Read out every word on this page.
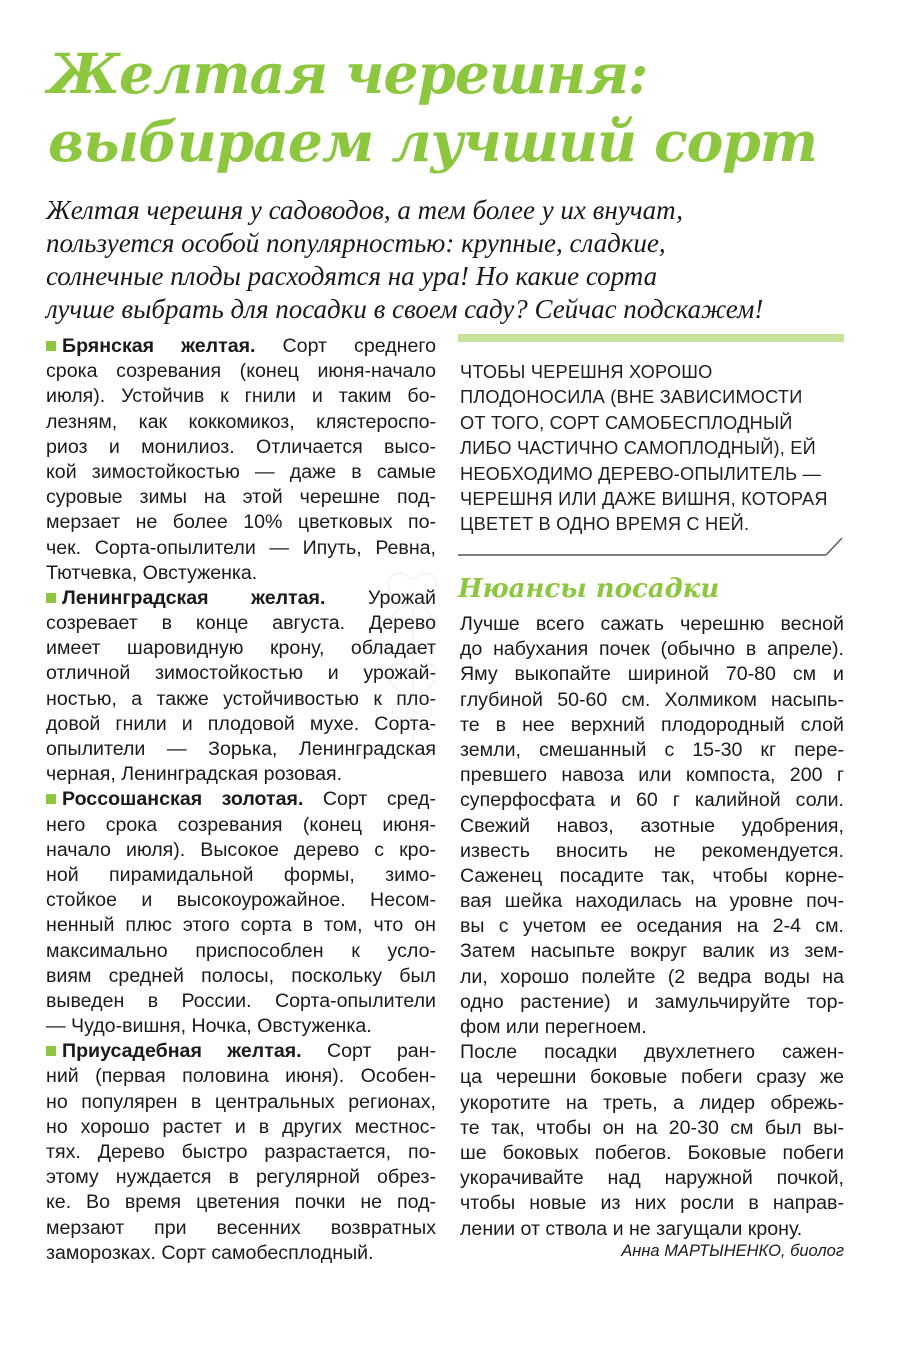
Желтая черешня:
выбираем лучший сорт

Желтая черешня у садоводов, а тем более у их внучат,
пользуется особой популярностью: крупные, сладкие,
солнечные плоды расходятся на ура! Но какие сорта
лучше выбрать для посадки в своем саду? Сейчас подскажем!

Брянская желтая. Сорт среднего
срока созревания (конец июня-начало
июля). Устойчив к гнили и таким бо-
лезням, как коккомикоз, клястероспо-
риоз и монилиоз. Отличается высо-
кой зимостойкостью — даже в самые
суровые зимы на этой черешне под-
мерзает не более 10% цветковых по-
чек. Сорта-опылители — Ипуть, Ревна,
Тютчевка, Овстуженка.
Ленинградская желтая. Урожай
созревает в конце августа. Дерево
имеет шаровидную крону, обладает
отличной зимостойкостью и урожай-
ностью, а также устойчивостью к пло-
довой гнили и плодовой мухе. Сорта-
опылители — Зорька, Ленинградская
черная, Ленинградская розовая.
Россошанская золотая. Сорт сред-
него срока созревания (конец июня-
начало июля). Высокое дерево с кро-
ной пирамидальной формы, зимо-
стойкое и высокоурожайное. Несом-
ненный плюс этого сорта в том, что он
максимально приспособлен к усло-
виям средней полосы, поскольку был
выведен в России. Сорта-опылители
— Чудо-вишня, Ночка, Овстуженка.
Приусадебная желтая. Сорт ран-
ний (первая половина июня). Особен-
но популярен в центральных регионах,
но хорошо растет и в других местнос-
тях. Дерево быстро разрастается, по-
этому нуждается в регулярной обрез-
ке. Во время цветения почки не под-
мерзают при весенних возвратных
заморозках. Сорт самобесплодный.
ЧТОБЫ ЧЕРЕШНЯ ХОРОШО
ПЛОДОНОСИЛА (ВНЕ ЗАВИСИМОСТИ
ОТ ТОГО, СОРТ САМОБЕСПЛОДНЫЙ
ЛИБО ЧАСТИЧНО САМОПЛОДНЫЙ), ЕЙ
НЕОБХОДИМО ДЕРЕВО-ОПЫЛИТЕЛЬ —
ЧЕРЕШНЯ ИЛИ ДАЖЕ ВИШНЯ, КОТОРАЯ
ЦВЕТЕТ В ОДНО ВРЕМЯ С НЕЙ.
Нюансы посадки
Лучше всего сажать черешню весной
до набухания почек (обычно в апреле).
Яму выкопайте шириной 70-80 см и
глубиной 50-60 см. Холмиком насыпь-
те в нее верхний плодородный слой
земли, смешанный с 15-30 кг пере-
превшего навоза или компоста, 200 г
суперфосфата и 60 г калийной соли.
Свежий навоз, азотные удобрения,
известь вносить не рекомендуется.
Саженец посадите так, чтобы корне-
вая шейка находилась на уровне поч-
вы с учетом ее оседания на 2-4 см.
Затем насыпьте вокруг валик из зем-
ли, хорошо полейте (2 ведра воды на
одно растение) и замульчируйте тор-
фом или перегноем.
После посадки двухлетнего сажен-
ца черешни боковые побеги сразу же
укоротите на треть, а лидер обрежь-
те так, чтобы он на 20-30 см был вы-
ше боковых побегов. Боковые побеги
укорачивайте над наружной почкой,
чтобы новые из них росли в направ-
лении от ствола и не загущали крону.
Анна МАРТЫНЕНКО, биолог
